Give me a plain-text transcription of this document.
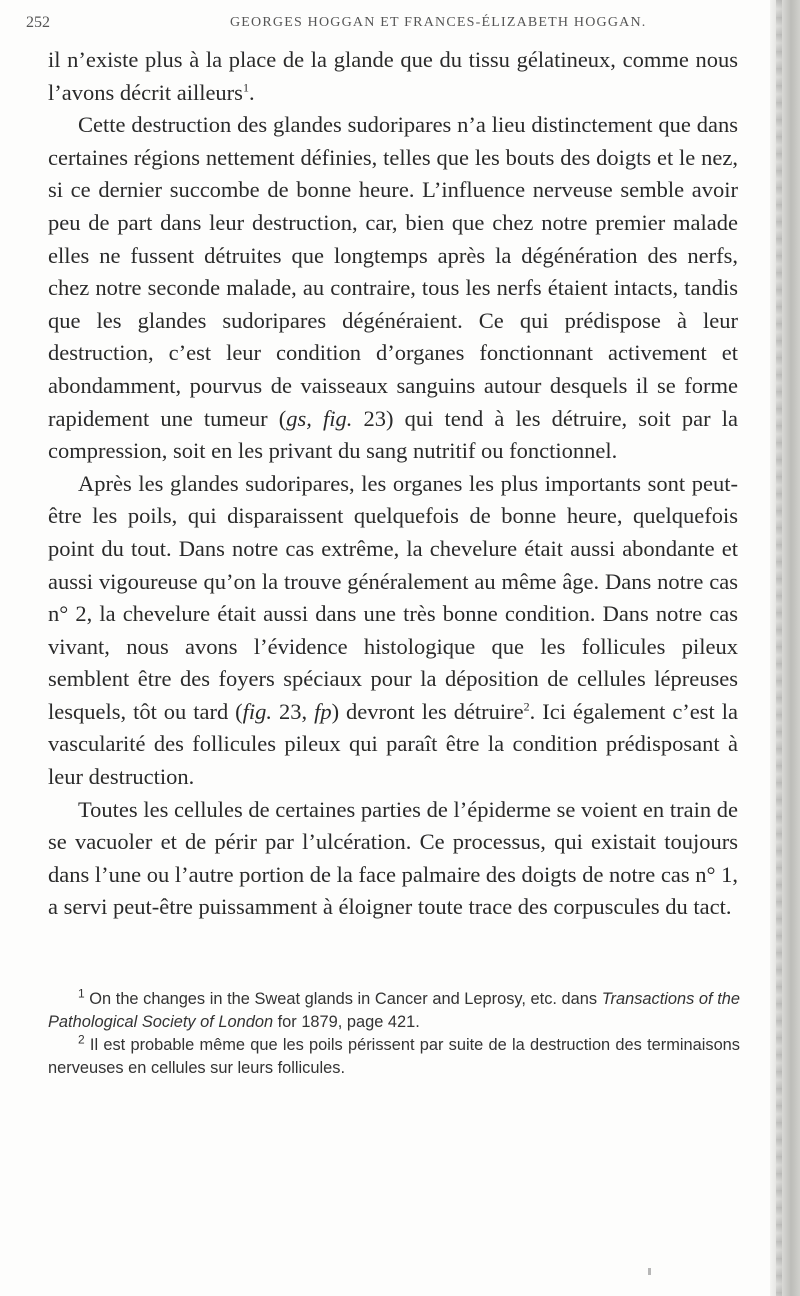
252	GEORGES HOGGAN ET FRANCES-ÉLIZABETH HOGGAN.

il n’existe plus à la place de la glande que du tissu gélatineux, comme nous l’avons décrit ailleurs$^1$.

Cette destruction des glandes sudoripares n’a lieu distinctement que dans certaines régions nettement définies, telles que les bouts des doigts et le nez, si ce dernier succombe de bonne heure. L’influence nerveuse semble avoir peu de part dans leur destruction, car, bien que chez notre premier malade elles ne fussent détruites que longtemps après la dégénération des nerfs, chez notre seconde malade, au contraire, tous les nerfs étaient intacts, tandis que les glandes sudoripares dégénéraient. Ce qui prédispose à leur destruction, c’est leur condition d’organes fonctionnant activement et abondamment, pourvus de vaisseaux sanguins autour desquels il se forme rapidement une tumeur (gs, fig. 23) qui tend à les détruire, soit par la compression, soit en les privant du sang nutritif ou fonctionnel.

Après les glandes sudoripares, les organes les plus importants sont peut-être les poils, qui disparaissent quelquefois de bonne heure, quelquefois point du tout. Dans notre cas extrême, la chevelure était aussi abondante et aussi vigoureuse qu’on la trouve généralement au même âge. Dans notre cas n° 2, la chevelure était aussi dans une très bonne condition. Dans notre cas vivant, nous avons l’évidence histologique que les follicules pileux semblent être des foyers spéciaux pour la déposition de cellules lépreuses lesquels, tôt ou tard (fig. 23, fp) devront les détruire$^2$. Ici également c’est la vascularité des follicules pileux qui paraît être la condition prédisposant à leur destruction.

Toutes les cellules de certaines parties de l’épiderme se voient en train de se vacuoler et de périr par l’ulcération. Ce processus, qui existait toujours dans l’une ou l’autre portion de la face palmaire des doigts de notre cas n° 1, a servi peut-être puissamment à éloigner toute trace des corpuscules du tact.

$^1$ On the changes in the Sweat glands in Cancer and Leprosy, etc. dans Transactions of the Pathological Society of London for 1879, page 421.

$^2$ Il est probable même que les poils périssent par suite de la destruction des terminaisons nerveuses en cellules sur leurs follicules.
